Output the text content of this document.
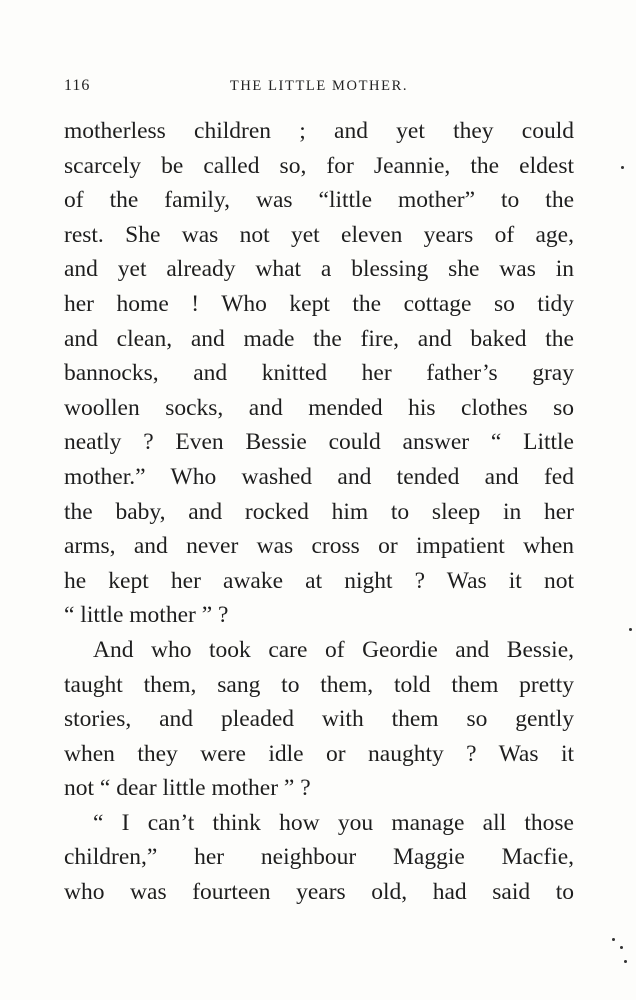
116	THE LITTLE MOTHER.
motherless children ; and yet they could
scarcely be called so, for Jeannie, the eldest
of the family, was “little mother” to the
rest. She was not yet eleven years of age,
and yet already what a blessing she was in
her home ! Who kept the cottage so tidy
and clean, and made the fire, and baked the
bannocks, and knitted her father’s gray
woollen socks, and mended his clothes so
neatly ? Even Bessie could answer “ Little
mother.” Who washed and tended and fed
the baby, and rocked him to sleep in her
arms, and never was cross or impatient when
he kept her awake at night ? Was it not
“ little mother ” ?
And who took care of Geordie and Bessie,
taught them, sang to them, told them pretty
stories, and pleaded with them so gently
when they were idle or naughty ? Was it
not “ dear little mother ” ?
“ I can’t think how you manage all those
children,” her neighbour Maggie Macfie,
who was fourteen years old, had said to
